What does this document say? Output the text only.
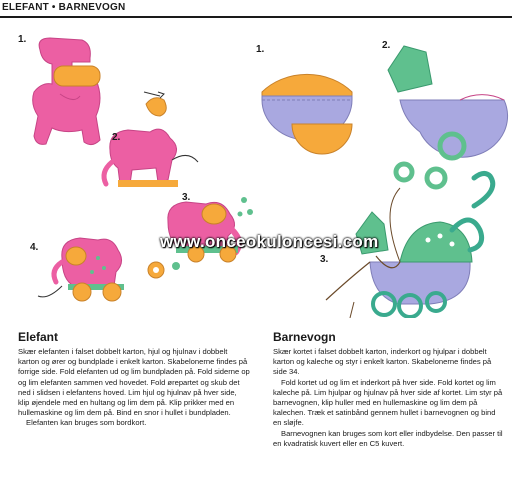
ELEFANT • BARNEVOGN
1.
2.
3.
4.
1.	2.
3.
www.onceokuloncesi.com
Elefant

Skær elefanten i falset dobbelt karton, hjul og hjulnav i dobbelt karton og ører og bundplade i enkelt karton. Skabelonerne findes på forrige side. Fold elefanten ud og lim bundpladen på. Fold siderne op og lim elefanten sammen ved hovedet. Fold ørepartet og skub det ned i slidsen i elefantens hoved. Lim hjul og hjulnav på hver side, klip øjendele med en hultang og lim dem på. Klip prikker med en hullemaskine og lim dem på. Bind en snor i hullet i bundpladen.

Elefanten kan bruges som bordkort.

Barnevogn

Skær kortet i falset dobbelt karton, inderkort og hjulpar i dobbelt karton og kaleche og styr i enkelt karton. Skabelonerne findes på side 34.

Fold kortet ud og lim et inderkort på hver side. Fold kortet og lim kaleche på. Lim hjulpar og hjulnav på hver side af kortet. Lim styr på barnevognen, klip huller med en hullemaskine og lim dem på kalechen. Træk et satinbånd gennem hullet i barnevognen og bind en sløjfe.

Barnevognen kan bruges som kort eller indbydelse. Den passer til en kvadratisk kuvert eller en C5 kuvert.
